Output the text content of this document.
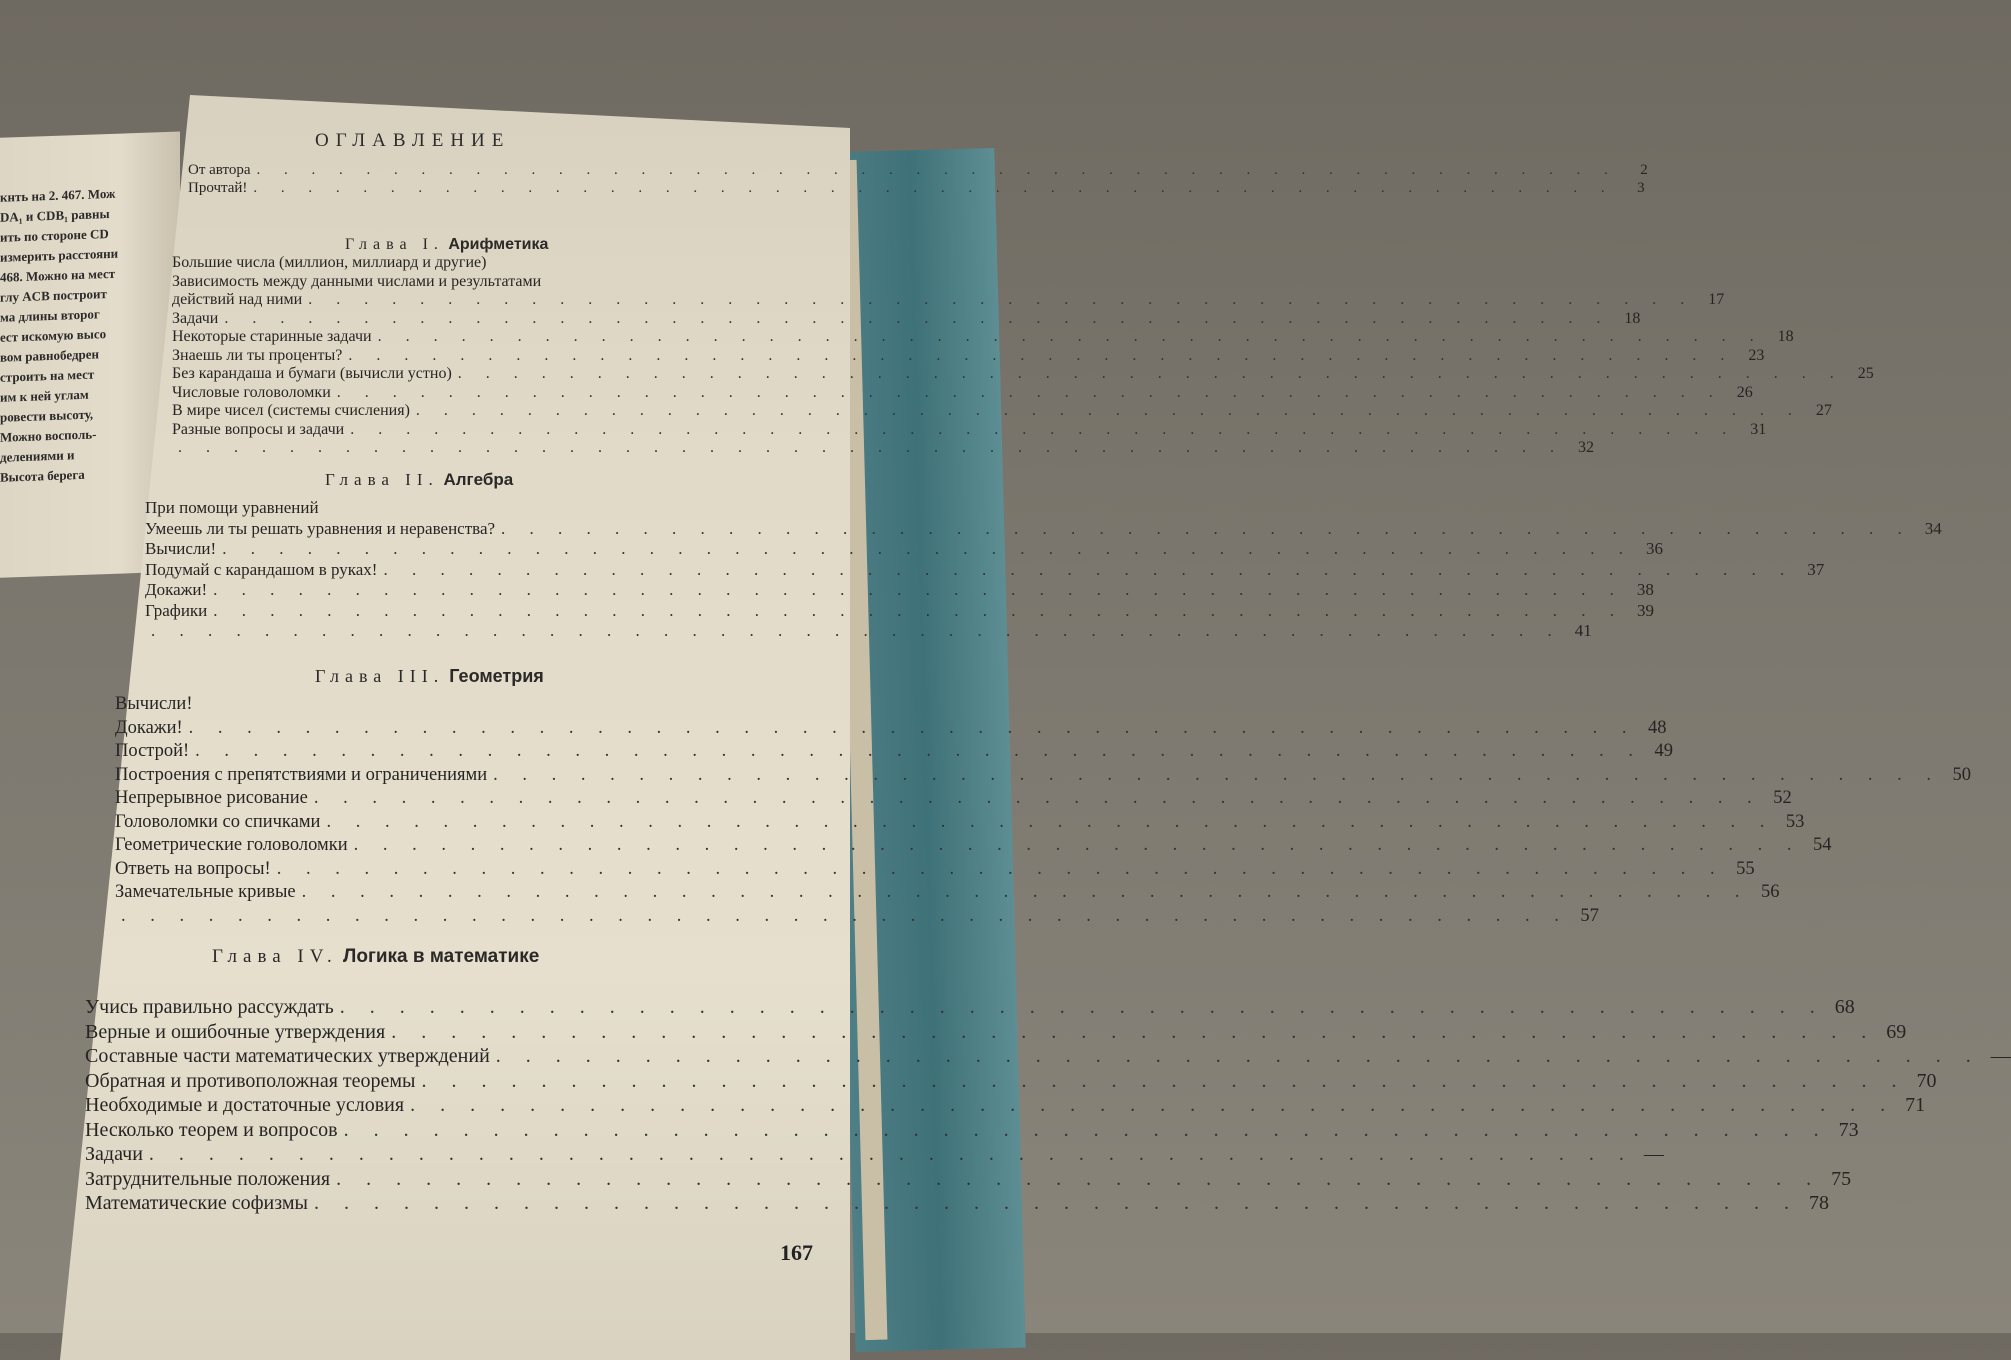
кнть на 2. 467. Мож
DA₁ и CDB₁ равны
ить по стороне CD
измерить расстояни
468. Можно на мест
глу ACB построит
ма длины второг
ест искомую высо
вом равнобедрен
строить на мест
им к ней углам
ровести высоту,
Можно восполь-
делениями и
Высота берега
ОГЛАВЛЕНИЕ
От автора . . . . . . . . . . . . . . . . . . . . . . . . . . . . . . . . . . . . . . . . . . . . . . . . . .	2
Прочтай! . . . . . . . . . . . . . . . . . . . . . . . . . . . . . . . . . . . . . . . . . . . . . . . . . .	3
Глава I. Арифметика
Большие числа (миллион, миллиард и другие)
Зависимость между данными числами и результатами
действий над ними . . . . . . . . . . . . . . . . . . . . . . . . . . . . . . . . . . . . . . . . . . . . . . . . . . 17
Задачи . . . . . . . . . . . . . . . . . . . . . . . . . . . . . . . . . . . . . . . . . . . . . . . . . . 18
Некоторые старинные задачи . . . . . . . . . . . . . . . . . . . . . . . . . . . . . . . . . . . . . . . . . . . . . . . . . . 18
Знаешь ли ты проценты? . . . . . . . . . . . . . . . . . . . . . . . . . . . . . . . . . . . . . . . . . . . . . . . . . . 23
Без карандаша и бумаги (вычисли устно) . . . . . . . . . . . . . . . . . . . . . . . . . . . . . . . . . . . . . . . . . . . . . . . . . . 25
Числовые головоломки . . . . . . . . . . . . . . . . . . . . . . . . . . . . . . . . . . . . . . . . . . . . . . . . . . 26
В мире чисел (системы счисления) . . . . . . . . . . . . . . . . . . . . . . . . . . . . . . . . . . . . . . . . . . . . . . . . . . 27
Разные вопросы и задачи . . . . . . . . . . . . . . . . . . . . . . . . . . . . . . . . . . . . . . . . . . . . . . . . . . 31
. . . . . . . . . . . . . . . . . . . . . . . . . . . . . . . . . . . . . . . . . . . . . . . . . . 32
Глава II. Алгебра
При помощи уравнений
Умеешь ли ты решать уравнения и неравенства? . . . . . . . . . . . . . . . . . . . . . . . . . . . . . . . . . . . . . . . . . . . . . . . . . . 34
Вычисли! . . . . . . . . . . . . . . . . . . . . . . . . . . . . . . . . . . . . . . . . . . . . . . . . . . 36
Подумай с карандашом в руках! . . . . . . . . . . . . . . . . . . . . . . . . . . . . . . . . . . . . . . . . . . . . . . . . . . 37
Докажи! . . . . . . . . . . . . . . . . . . . . . . . . . . . . . . . . . . . . . . . . . . . . . . . . . . 38
Графики . . . . . . . . . . . . . . . . . . . . . . . . . . . . . . . . . . . . . . . . . . . . . . . . . . 39
. . . . . . . . . . . . . . . . . . . . . . . . . . . . . . . . . . . . . . . . . . . . . . . . . . 41
Глава III. Геометрия
Вычисли!
Докажи! . . . . . . . . . . . . . . . . . . . . . . . . . . . . . . . . . . . . . . . . . . . . . . . . . . 48
Построй! . . . . . . . . . . . . . . . . . . . . . . . . . . . . . . . . . . . . . . . . . . . . . . . . . . 49
Построения с препятствиями и ограничениями . . . . . . . . . . . . . . . . . . . . . . . . . . . . . . . . . . . . . . . . . . . . . . . . . . 50
Непрерывное рисование . . . . . . . . . . . . . . . . . . . . . . . . . . . . . . . . . . . . . . . . . . . . . . . . . . 52
Головоломки со спичками . . . . . . . . . . . . . . . . . . . . . . . . . . . . . . . . . . . . . . . . . . . . . . . . . . 53
Геометрические головоломки . . . . . . . . . . . . . . . . . . . . . . . . . . . . . . . . . . . . . . . . . . . . . . . . . . 54
Ответь на вопросы! . . . . . . . . . . . . . . . . . . . . . . . . . . . . . . . . . . . . . . . . . . . . . . . . . . 55
Замечательные кривые . . . . . . . . . . . . . . . . . . . . . . . . . . . . . . . . . . . . . . . . . . . . . . . . . . 56
. . . . . . . . . . . . . . . . . . . . . . . . . . . . . . . . . . . . . . . . . . . . . . . . . . 57
Глава IV. Логика в математике
Учись правильно рассуждать . . . . . . . . . . . . . . . . . . . . . . . . . . . . . . . . . . . . . . . . . . . . . . . . . . 68
Верные и ошибочные утверждения . . . . . . . . . . . . . . . . . . . . . . . . . . . . . . . . . . . . . . . . . . . . . . . . . . 69
Составные части математических утверждений . . . . . . . . . . . . . . . . . . . . . . . . . . . . . . . . . . . . . . . . . . . . . . . . . . —
Обратная и противоположная теоремы . . . . . . . . . . . . . . . . . . . . . . . . . . . . . . . . . . . . . . . . . . . . . . . . . . 70
Необходимые и достаточные условия . . . . . . . . . . . . . . . . . . . . . . . . . . . . . . . . . . . . . . . . . . . . . . . . . . 71
Несколько теорем и вопросов . . . . . . . . . . . . . . . . . . . . . . . . . . . . . . . . . . . . . . . . . . . . . . . . . . 73
Задачи . . . . . . . . . . . . . . . . . . . . . . . . . . . . . . . . . . . . . . . . . . . . . . . . . . —
Затруднительные положения . . . . . . . . . . . . . . . . . . . . . . . . . . . . . . . . . . . . . . . . . . . . . . . . . . 75
Математические софизмы . . . . . . . . . . . . . . . . . . . . . . . . . . . . . . . . . . . . . . . . . . . . . . . . . . 78
167
